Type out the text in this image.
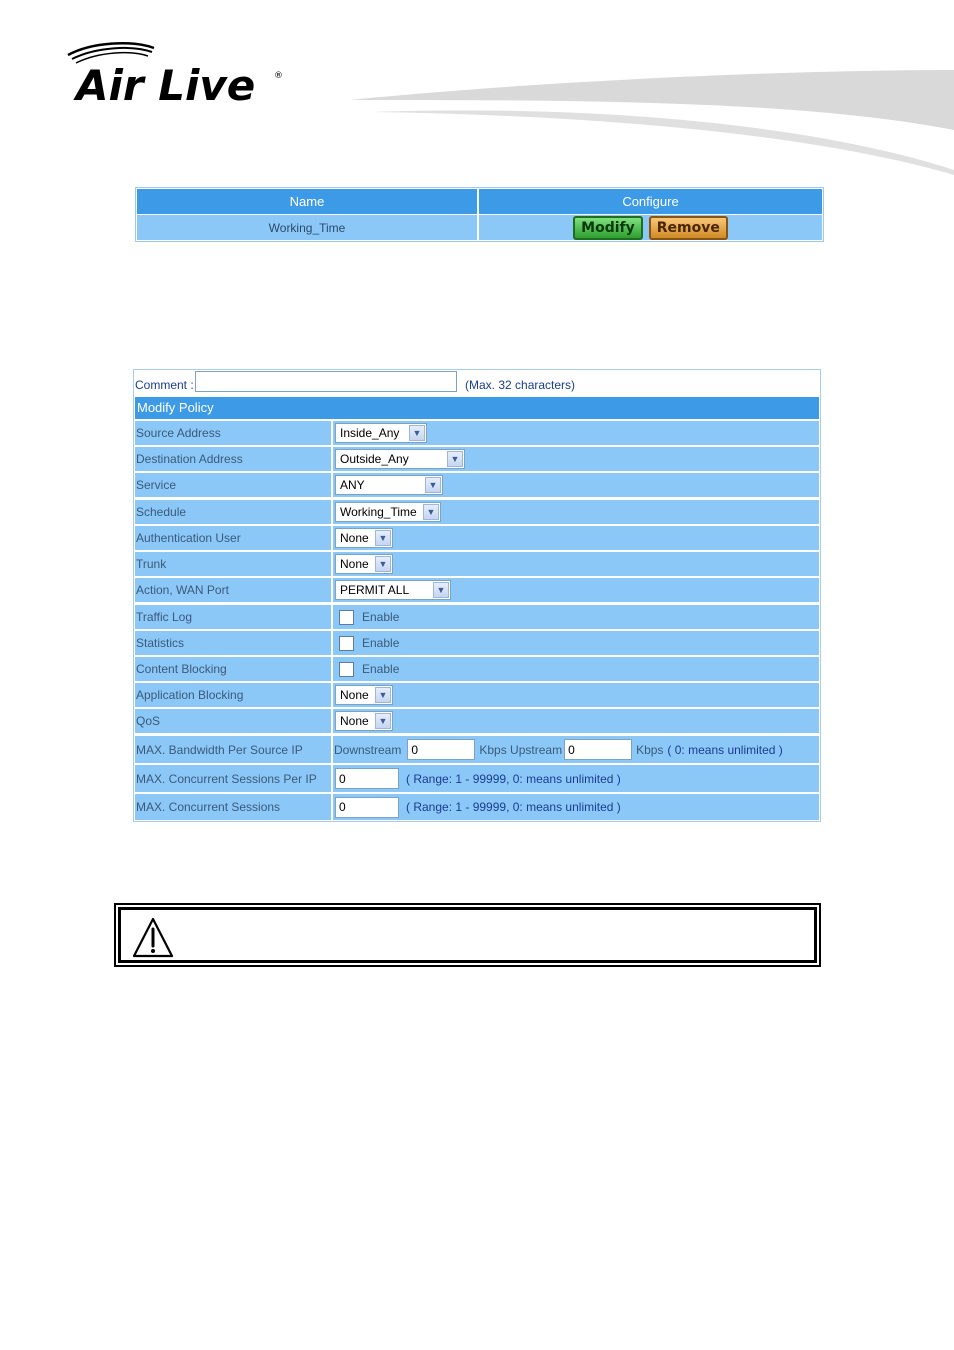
Air Live ®
Name	Configure
Working_Time	Modify	Remove
Comment :	(Max. 32 characters)
Modify Policy
Source Address	Inside_Any	▼
Destination Address	Outside_Any	▼
Service	ANY	▼
Schedule	Working_Time	▼
Authentication User	None	▼
Trunk	None	▼
Action, WAN Port	PERMIT ALL	▼
Traffic Log	Enable
Statistics	Enable
Content Blocking	Enable
Application Blocking	None	▼
QoS	None	▼
MAX. Bandwidth Per Source IP	Downstream 0	Kbps Upstream 0	Kbps ( 0: means unlimited )
MAX. Concurrent Sessions Per IP	0	( Range: 1 - 99999, 0: means unlimited )
MAX. Concurrent Sessions	0	( Range: 1 - 99999, 0: means unlimited )
